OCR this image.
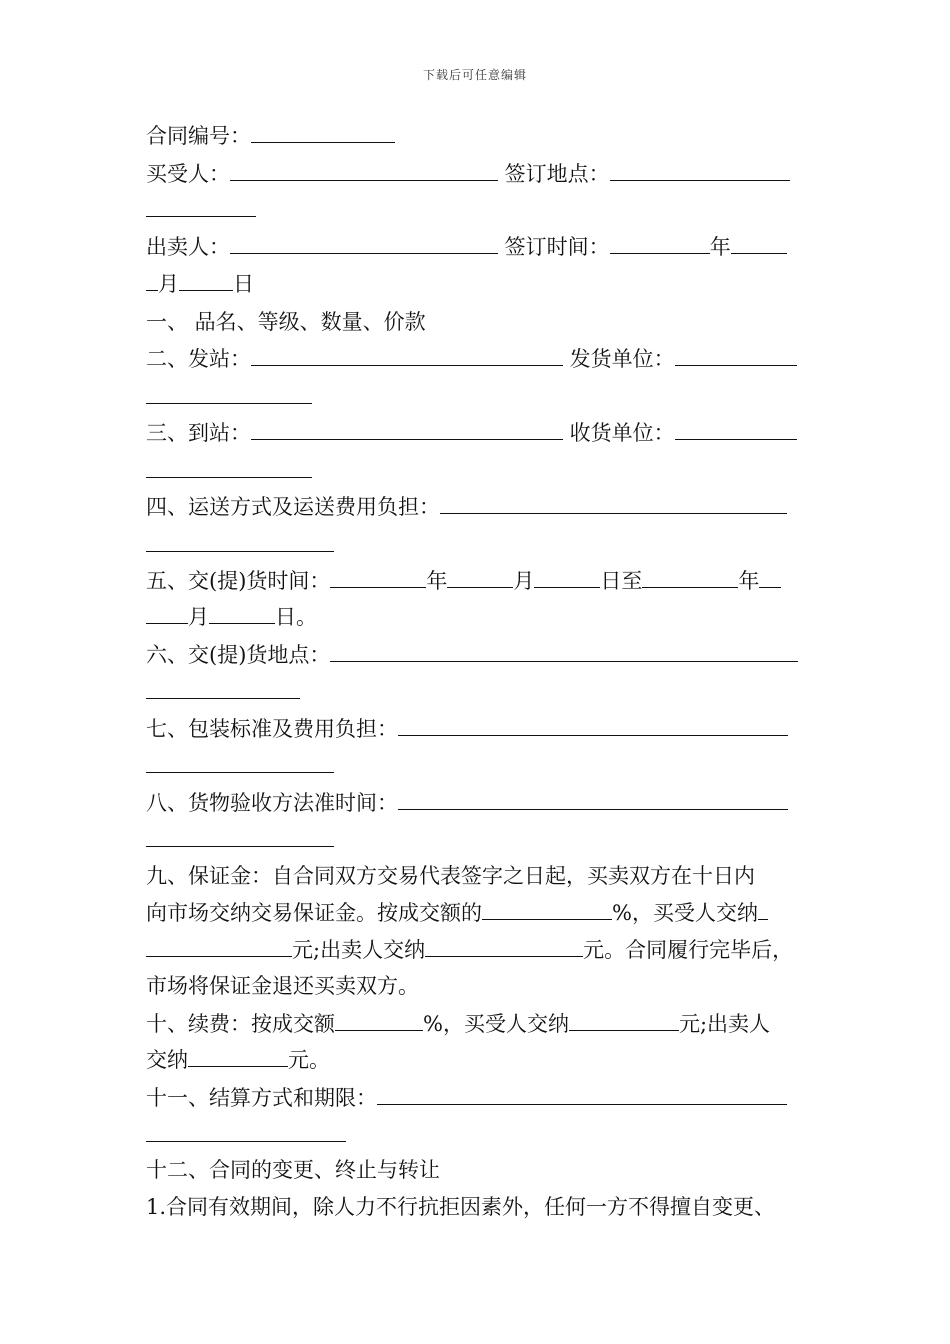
下载后可任意编辑
合同编号：
买受人：	签订地点：
出卖人：	签订时间：	年
月	日
一、 品名、等级、数量、价款
二、发站：	发货单位：
三、到站：	收货单位：
四、运送方式及运送费用负担：
五、交(提)货时间：	年	月	日至	年
月	日。
六、交(提)货地点：
七、包装标准及费用负担：
八、货物验收方法准时间：
九、保证金：自合同双方交易代表签字之日起，买卖双方在十日内
向市场交纳交易保证金。按成交额的	%，买受人交纳
元;出卖人交纳	元。合同履行完毕后，
市场将保证金退还买卖双方。
十、续费：按成交额	%，买受人交纳	元;出卖人
交纳	元。
十一、结算方式和期限：
十二、合同的变更、终止与转让
1.合同有效期间，除人力不行抗拒因素外，任何一方不得擅自变更、
